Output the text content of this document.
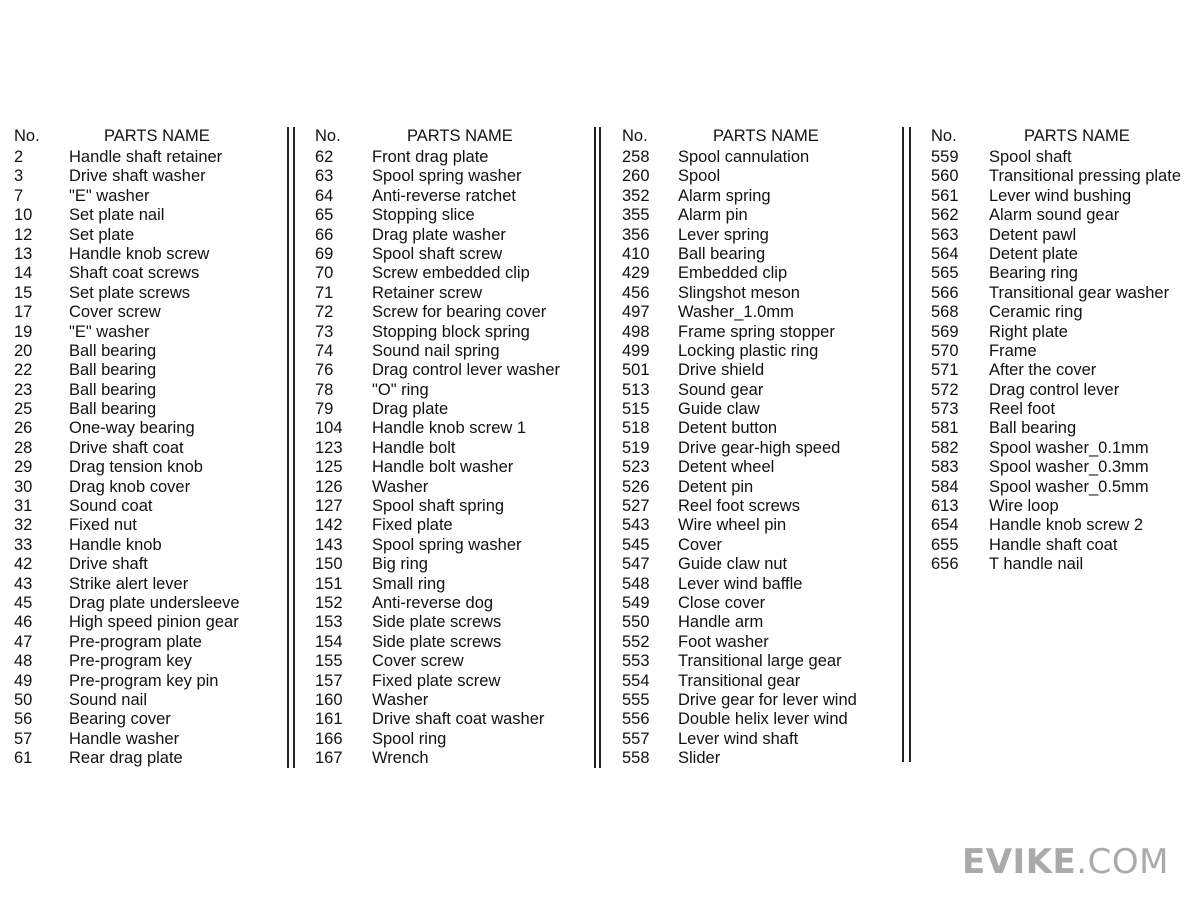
No.	PARTS NAME
2	Handle shaft retainer
3	Drive shaft washer
7	"E" washer
10 Set plate nail
12 Set plate
13 Handle knob screw
14 Shaft coat screws
15 Set plate screws
17 Cover screw
19 "E" washer
20 Ball bearing
22 Ball bearing
23 Ball bearing
25 Ball bearing
26 One-way bearing
28 Drive shaft coat
29 Drag tension knob
30 Drag knob cover
31 Sound coat
32 Fixed nut
33 Handle knob
42 Drive shaft
43 Strike alert lever
45 Drag plate undersleeve
46 High speed pinion gear
47 Pre-program plate
48 Pre-program key
49 Pre-program key pin
50 Sound nail
56 Bearing cover
57 Handle washer
61 Rear drag plate
No.	PARTS NAME
62 Front drag plate
63 Spool spring washer
64 Anti-reverse ratchet
65 Stopping slice
66 Drag plate washer
69 Spool shaft screw
70 Screw embedded clip
71 Retainer screw
72 Screw for bearing cover
73 Stopping block spring
74 Sound nail spring
76 Drag control lever washer
78 "O" ring
79 Drag plate
104 Handle knob screw 1
123 Handle bolt
125 Handle bolt washer
126 Washer
127 Spool shaft spring
142 Fixed plate
143 Spool spring washer
150 Big ring
151 Small ring
152 Anti-reverse dog
153 Side plate screws
154 Side plate screws
155 Cover screw
157 Fixed plate screw
160 Washer
161 Drive shaft coat washer
166 Spool ring
167 Wrench
No.	PARTS NAME
258 Spool cannulation
260 Spool
352 Alarm spring
355 Alarm pin
356 Lever spring
410 Ball bearing
429 Embedded clip
456 Slingshot meson
497 Washer_1.0mm
498 Frame spring stopper
499 Locking plastic ring
501 Drive shield
513 Sound gear
515 Guide claw
518 Detent button
519 Drive gear-high speed
523 Detent wheel
526 Detent pin
527 Reel foot screws
543 Wire wheel pin
545 Cover
547 Guide claw nut
548 Lever wind baffle
549 Close cover
550 Handle arm
552 Foot washer
553 Transitional large gear
554 Transitional gear
555 Drive gear for lever wind
556 Double helix lever wind
557 Lever wind shaft
558 Slider
No.	PARTS NAME
559 Spool shaft
560 Transitional pressing plate
561 Lever wind bushing
562 Alarm sound gear
563 Detent pawl
564 Detent plate
565 Bearing ring
566 Transitional gear washer
568 Ceramic ring
569 Right plate
570 Frame
571 After the cover
572 Drag control lever
573 Reel foot
581 Ball bearing
582 Spool washer_0.1mm
583 Spool washer_0.3mm
584 Spool washer_0.5mm
613 Wire loop
654 Handle knob screw 2
655 Handle shaft coat
656 T handle nail
EVIKE.COM
